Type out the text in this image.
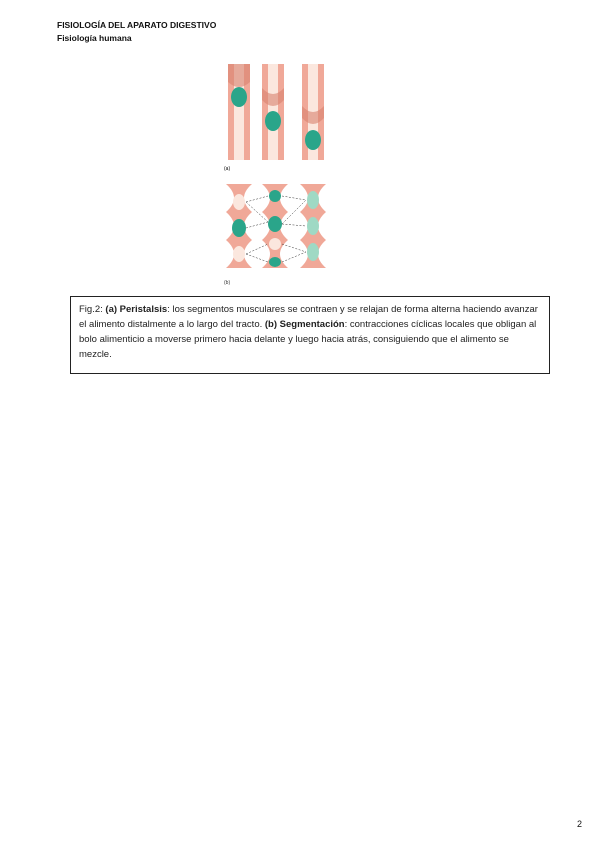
FISIOLOGÍA DEL APARATO DIGESTIVO
Fisiología humana
(a)
(b)
Fig.2: (a) Peristalsis: los segmentos musculares se contraen y se relajan de forma alterna haciendo avanzar el alimento distalmente a lo largo del tracto. (b) Segmentación: contracciones cíclicas locales que obligan al bolo alimenticio a moverse primero hacia delante y luego hacia atrás, consiguiendo que el alimento se mezcle.
2
